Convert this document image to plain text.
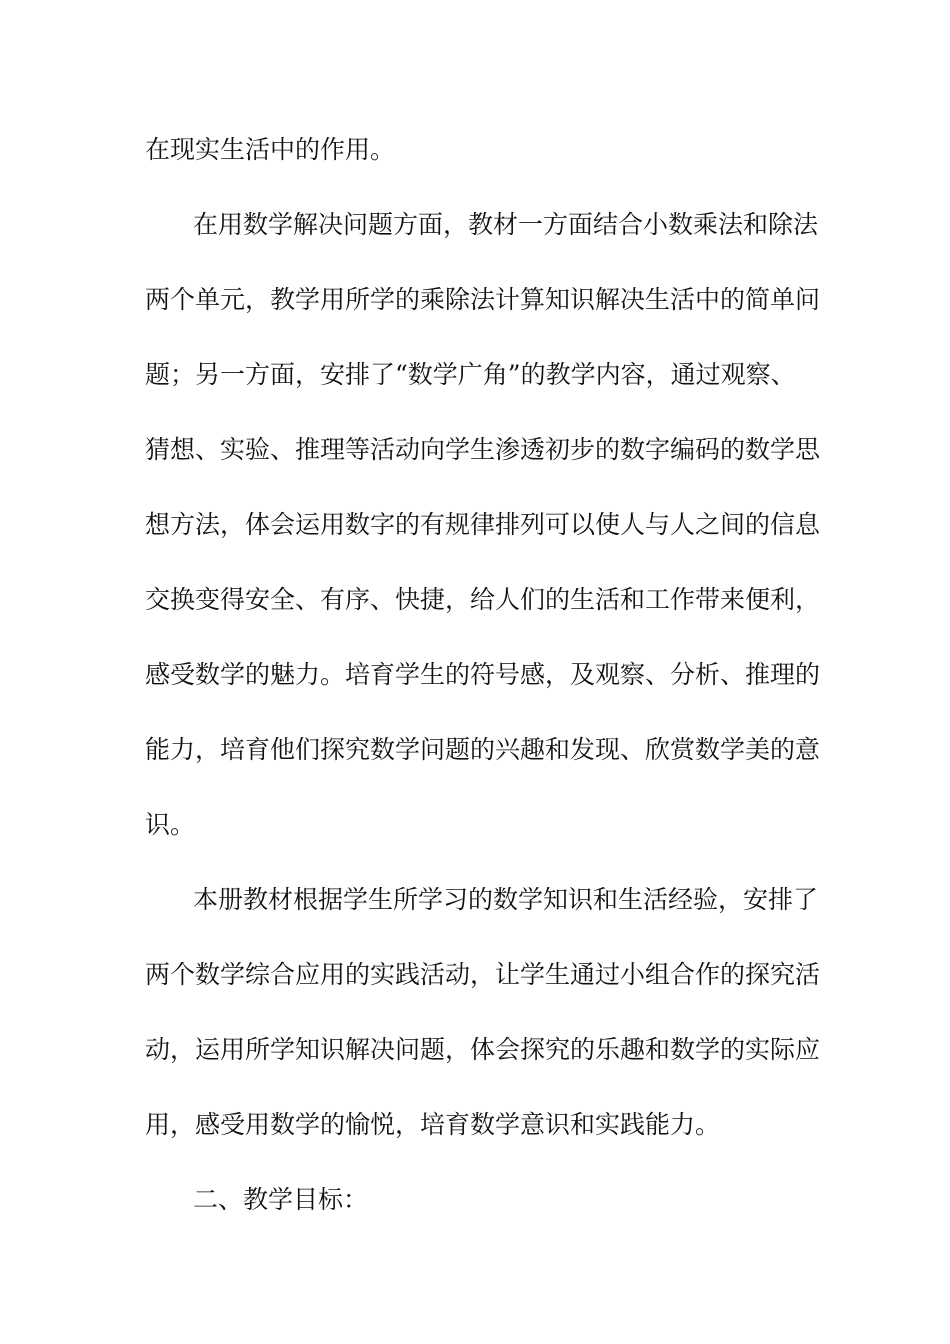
在现实生活中的作用。
在用数学解决问题方面，教材一方面结合小数乘法和除法
两个单元，教学用所学的乘除法计算知识解决生活中的简单问
题；另一方面，安排了“数学广角”的教学内容，通过观察、
猜想、实验、推理等活动向学生渗透初步的数字编码的数学思
想方法，体会运用数字的有规律排列可以使人与人之间的信息
交换变得安全、有序、快捷，给人们的生活和工作带来便利，
感受数学的魅力。培育学生的符号感，及观察、分析、推理的
能力，培育他们探究数学问题的兴趣和发现、欣赏数学美的意
识。
本册教材根据学生所学习的数学知识和生活经验，安排了
两个数学综合应用的实践活动，让学生通过小组合作的探究活
动，运用所学知识解决问题，体会探究的乐趣和数学的实际应
用，感受用数学的愉悦，培育数学意识和实践能力。
二、教学目标：
